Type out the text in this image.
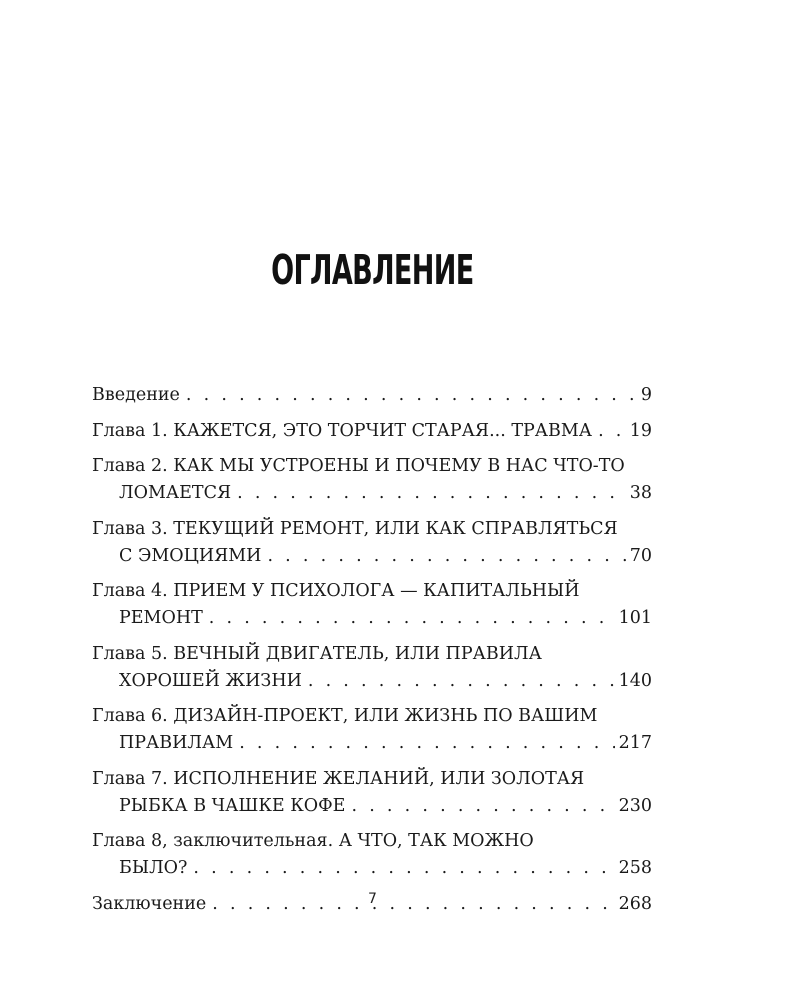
ОГЛАВЛЕНИЕ
Введение . . .	9
Глава 1. КАЖЕТСЯ, ЭТО ТОРЧИТ СТАРАЯ... ТРАВМА . . . 19
Глава 2. КАК МЫ УСТРОЕНЫ И ПОЧЕМУ В НАС ЧТО-ТО
ЛОМАЕТСЯ . . .	38
Глава 3. ТЕКУЩИЙ РЕМОНТ, ИЛИ КАК СПРАВЛЯТЬСЯ
С ЭМОЦИЯМИ . . .	70
Глава 4. ПРИЕМ У ПСИХОЛОГА — КАПИТАЛЬНЫЙ
РЕМОНТ . . .	101
Глава 5. ВЕЧНЫЙ ДВИГАТЕЛЬ, ИЛИ ПРАВИЛА
ХОРОШЕЙ ЖИЗНИ . . .	140
Глава 6. ДИЗАЙН-ПРОЕКТ, ИЛИ ЖИЗНЬ ПО ВАШИМ
ПРАВИЛАМ . . .	217
Глава 7. ИСПОЛНЕНИЕ ЖЕЛАНИЙ, ИЛИ ЗОЛОТАЯ
РЫБКА В ЧАШКЕ КОФЕ . . .	230
Глава 8, заключительная. А ЧТО, ТАК МОЖНО
БЫЛО? . . .	258
Заключение . . .	268
7
